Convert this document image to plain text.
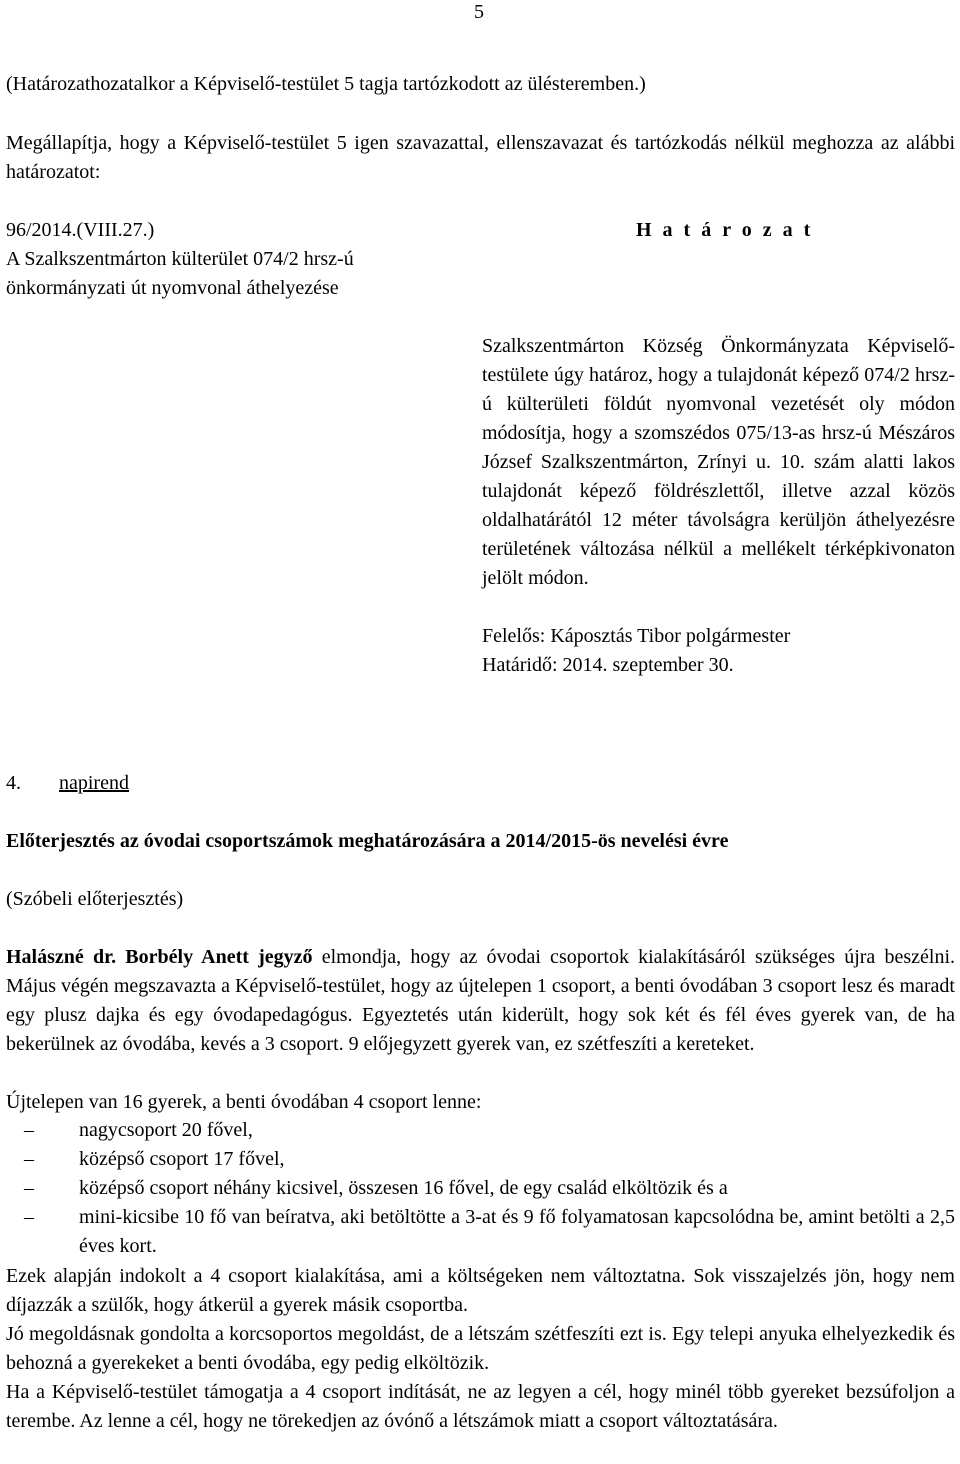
5
(Határozathozatalkor a Képviselő-testület 5 tagja tartózkodott az ülésteremben.)
Megállapítja, hogy a Képviselő-testület 5 igen szavazattal, ellenszavazat és tartózkodás nélkül meghozza az alábbi határozatot:
96/2014.(VIII.27.)
A Szalkszentmárton külterület 074/2 hrsz-ú önkormányzati út nyomvonal áthelyezése
H a t á r o z a t
Szalkszentmárton Község Önkormányzata Képviselő-testülete úgy határoz, hogy a tulajdonát képező 074/2 hrsz-ú külterületi földút nyomvonal vezetését oly módon módosítja, hogy a szomszédos 075/13-as hrsz-ú Mészáros József Szalkszentmárton, Zrínyi u. 10. szám alatti lakos tulajdonát képező földrészlettől, illetve azzal közös oldalhatárától 12 méter távolságra kerüljön áthelyezésre területének változása nélkül a mellékelt térképkivonaton jelölt módon.
Felelős: Káposztás Tibor polgármester
Határidő: 2014. szeptember 30.
4. napirend
Előterjesztés az óvodai csoportszámok meghatározására a 2014/2015-ös nevelési évre
(Szóbeli előterjesztés)
Halászné dr. Borbély Anett jegyző elmondja, hogy az óvodai csoportok kialakításáról szükséges újra beszélni. Május végén megszavazta a Képviselő-testület, hogy az újtelepen 1 csoport, a benti óvodában 3 csoport lesz és maradt egy plusz dajka és egy óvodapedagógus. Egyeztetés után kiderült, hogy sok két és fél éves gyerek van, de ha bekerülnek az óvodába, kevés a 3 csoport. 9 előjegyzett gyerek van, ez szétfeszíti a kereteket.
Újtelepen van 16 gyerek, a benti óvodában 4 csoport lenne:
– nagycsoport 20 fővel,
– középső csoport 17 fővel,
– középső csoport néhány kicsivel, összesen 16 fővel, de egy család elköltözik és a
– mini-kicsibe 10 fő van beíratva, aki betöltötte a 3-at és 9 fő folyamatosan kapcsolódna be, amint betölti a 2,5 éves kort.
Ezek alapján indokolt a 4 csoport kialakítása, ami a költségeken nem változtatna. Sok visszajelzés jön, hogy nem díjazzák a szülők, hogy átkerül a gyerek másik csoportba.
Jó megoldásnak gondolta a korcsoportos megoldást, de a létszám szétfeszíti ezt is. Egy telepi anyuka elhelyezkedik és behozná a gyerekeket a benti óvodába, egy pedig elköltözik.
Ha a Képviselő-testület támogatja a 4 csoport indítását, ne az legyen a cél, hogy minél több gyereket bezsúfoljon a terembe. Az lenne a cél, hogy ne törekedjen az óvónő a létszámok miatt a csoport változtatására.
